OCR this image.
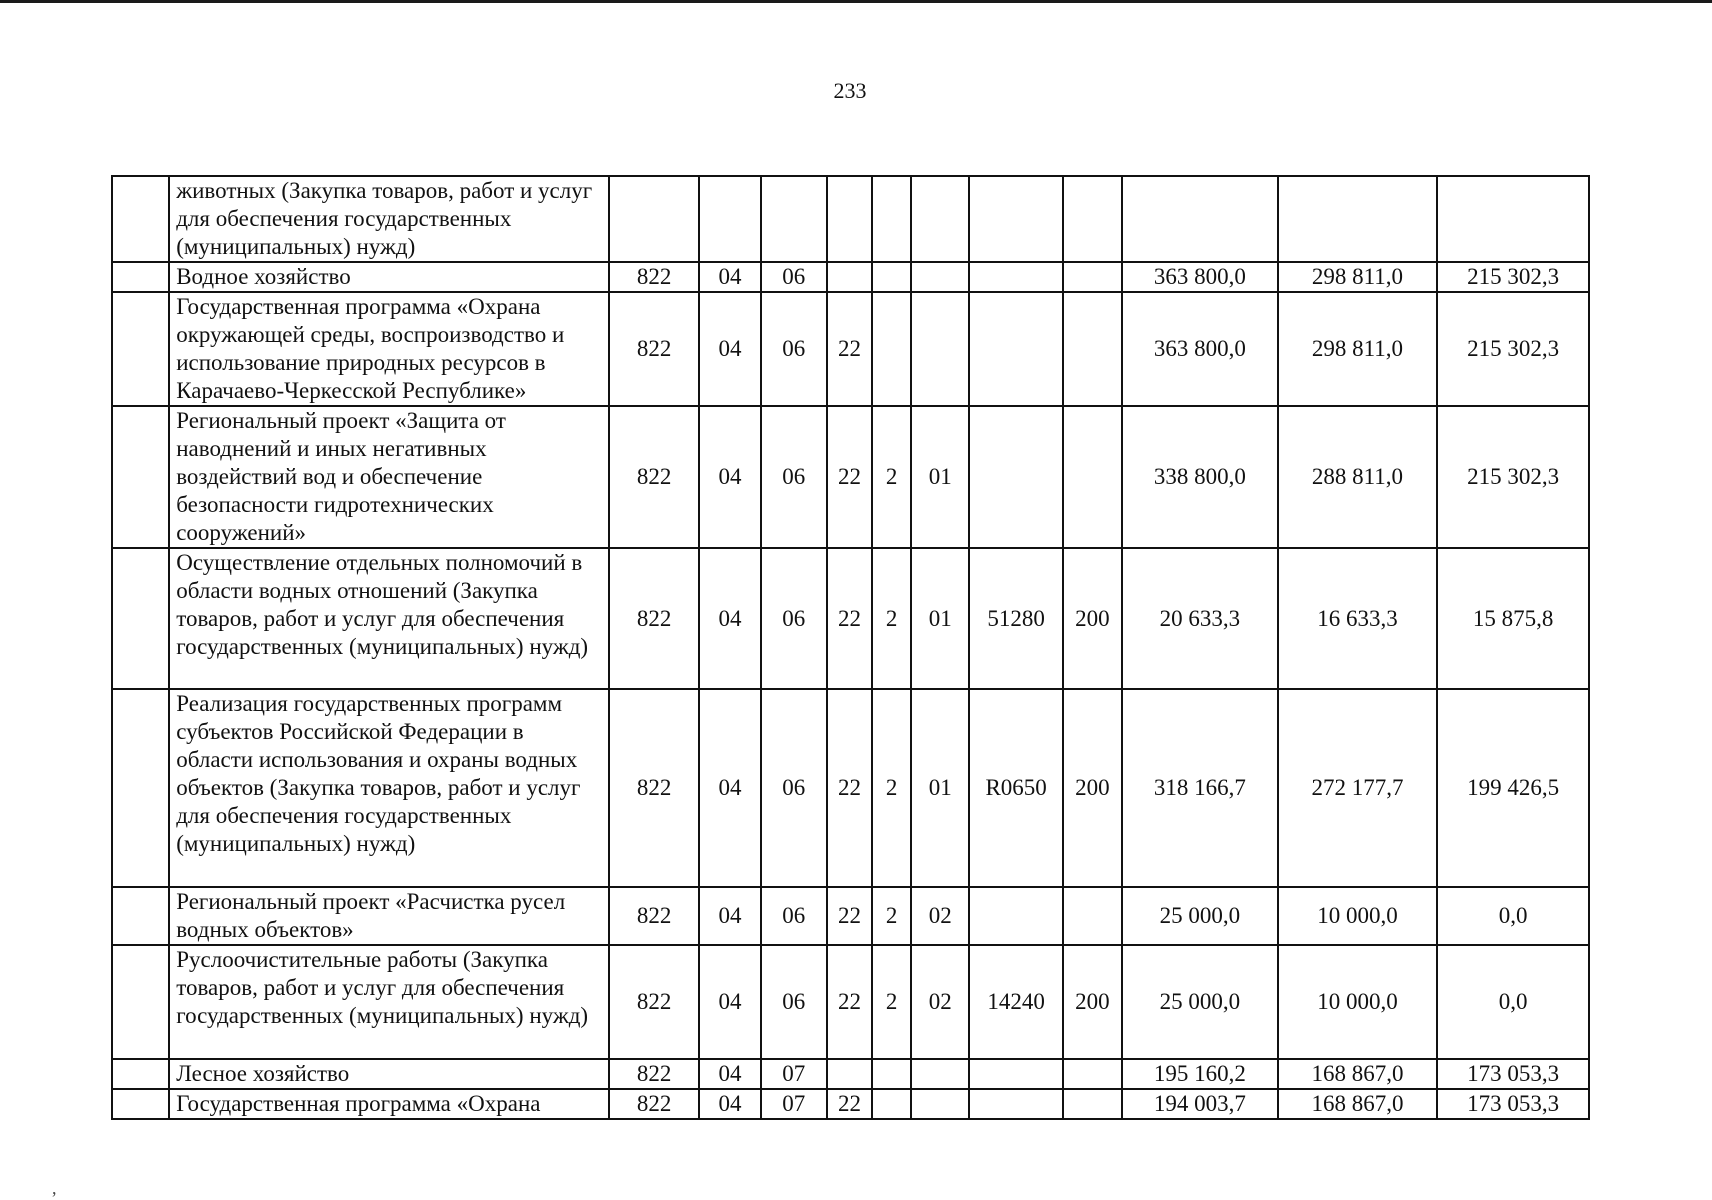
233
	животных (Закупка товаров, работ и услуг для обеспечения государственных (муниципальных) нужд)											
	Водное хозяйство	822	04	06						363 800,0	298 811,0	215 302,3
	Государственная программа «Охрана окружающей среды, воспроизводство и использование природных ресурсов в Карачаево-Черкесской Республике»	822	04	06	22					363 800,0	298 811,0	215 302,3
	Региональный проект «Защита от наводнений и иных негативных воздействий вод и обеспечение безопасности гидротехнических сооружений»	822	04	06	22	2	01			338 800,0	288 811,0	215 302,3
	Осуществление отдельных полномочий в области водных отношений (Закупка товаров, работ и услуг для обеспечения государственных (муниципальных) нужд)	822	04	06	22	2	01	51280	200	20 633,3	16 633,3	15 875,8
	Реализация государственных программ субъектов Российской Федерации в области использования и охраны водных объектов (Закупка товаров, работ и услуг для обеспечения государственных (муниципальных) нужд)	822	04	06	22	2	01	R0650	200	318 166,7	272 177,7	199 426,5
	Региональный проект «Расчистка русел водных объектов»	822	04	06	22	2	02			25 000,0	10 000,0	0,0
	Руслоочистительные работы (Закупка товаров, работ и услуг для обеспечения государственных (муниципальных) нужд)	822	04	06	22	2	02	14240	200	25 000,0	10 000,0	0,0
	Лесное хозяйство	822	04	07						195 160,2	168 867,0	173 053,3
	Государственная программа «Охрана	822	04	07	22					194 003,7	168 867,0	173 053,3
,
